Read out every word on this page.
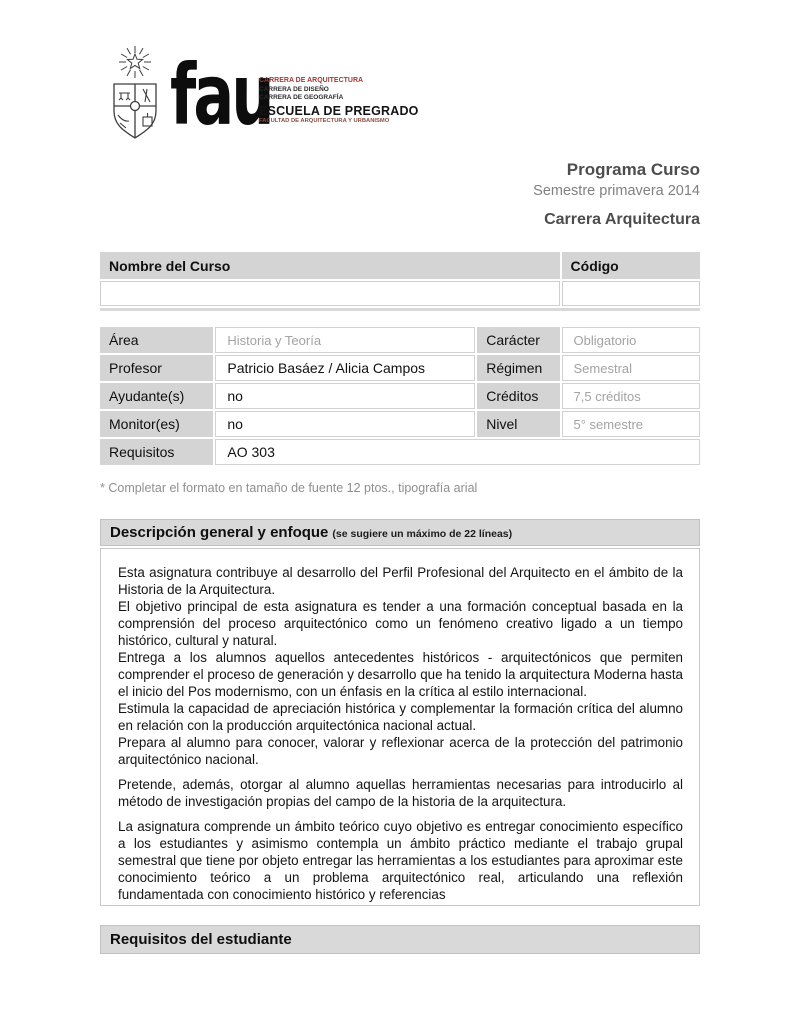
fau
CARRERA DE ARQUITECTURA
CARRERA DE DISEÑO
CARRERA DE GEOGRAFÍA
ESCUELA DE PREGRADO
FACULTAD DE ARQUITECTURA Y URBANISMO
Programa Curso
Semestre primavera 2014
Carrera Arquitectura
Nombre del Curso	Código

Área	Historia y Teoría	Carácter	Obligatorio
Profesor	Patricio Basáez / Alicia Campos	Régimen	Semestral
Ayudante(s)	no	Créditos	7,5 créditos
Monitor(es)	no	Nivel	5° semestre
Requisitos	AO 303		
* Completar el formato en tamaño de fuente 12 ptos., tipografía arial
Descripción general y enfoque (se sugiere un máximo de 22 líneas)

Esta asignatura contribuye al desarrollo del Perfil Profesional del Arquitecto en el ámbito de la Historia de la Arquitectura.

El objetivo principal de esta asignatura es tender a una formación conceptual basada en la comprensión del proceso arquitectónico como un fenómeno creativo ligado a un tiempo histórico, cultural y natural.

Entrega a los alumnos aquellos antecedentes históricos - arquitectónicos que permiten comprender el proceso de generación y desarrollo que ha tenido la arquitectura Moderna hasta el inicio del Pos modernismo, con un énfasis en la crítica al estilo internacional.

Estimula la capacidad de apreciación histórica y complementar la formación crítica del alumno en relación con la producción arquitectónica nacional actual.

Prepara al alumno para conocer, valorar y reflexionar acerca de la protección del patrimonio arquitectónico nacional.

Pretende, además, otorgar al alumno aquellas herramientas necesarias para introducirlo al método de investigación propias del campo de la historia de la arquitectura.

La asignatura comprende un ámbito teórico cuyo objetivo es entregar conocimiento específico a los estudiantes y asimismo contempla un ámbito práctico mediante el trabajo grupal semestral que tiene por objeto entregar las herramientas a los estudiantes para aproximar este conocimiento teórico a un problema arquitectónico real, articulando una reflexión fundamentada con conocimiento histórico y referencias

Requisitos del estudiante
